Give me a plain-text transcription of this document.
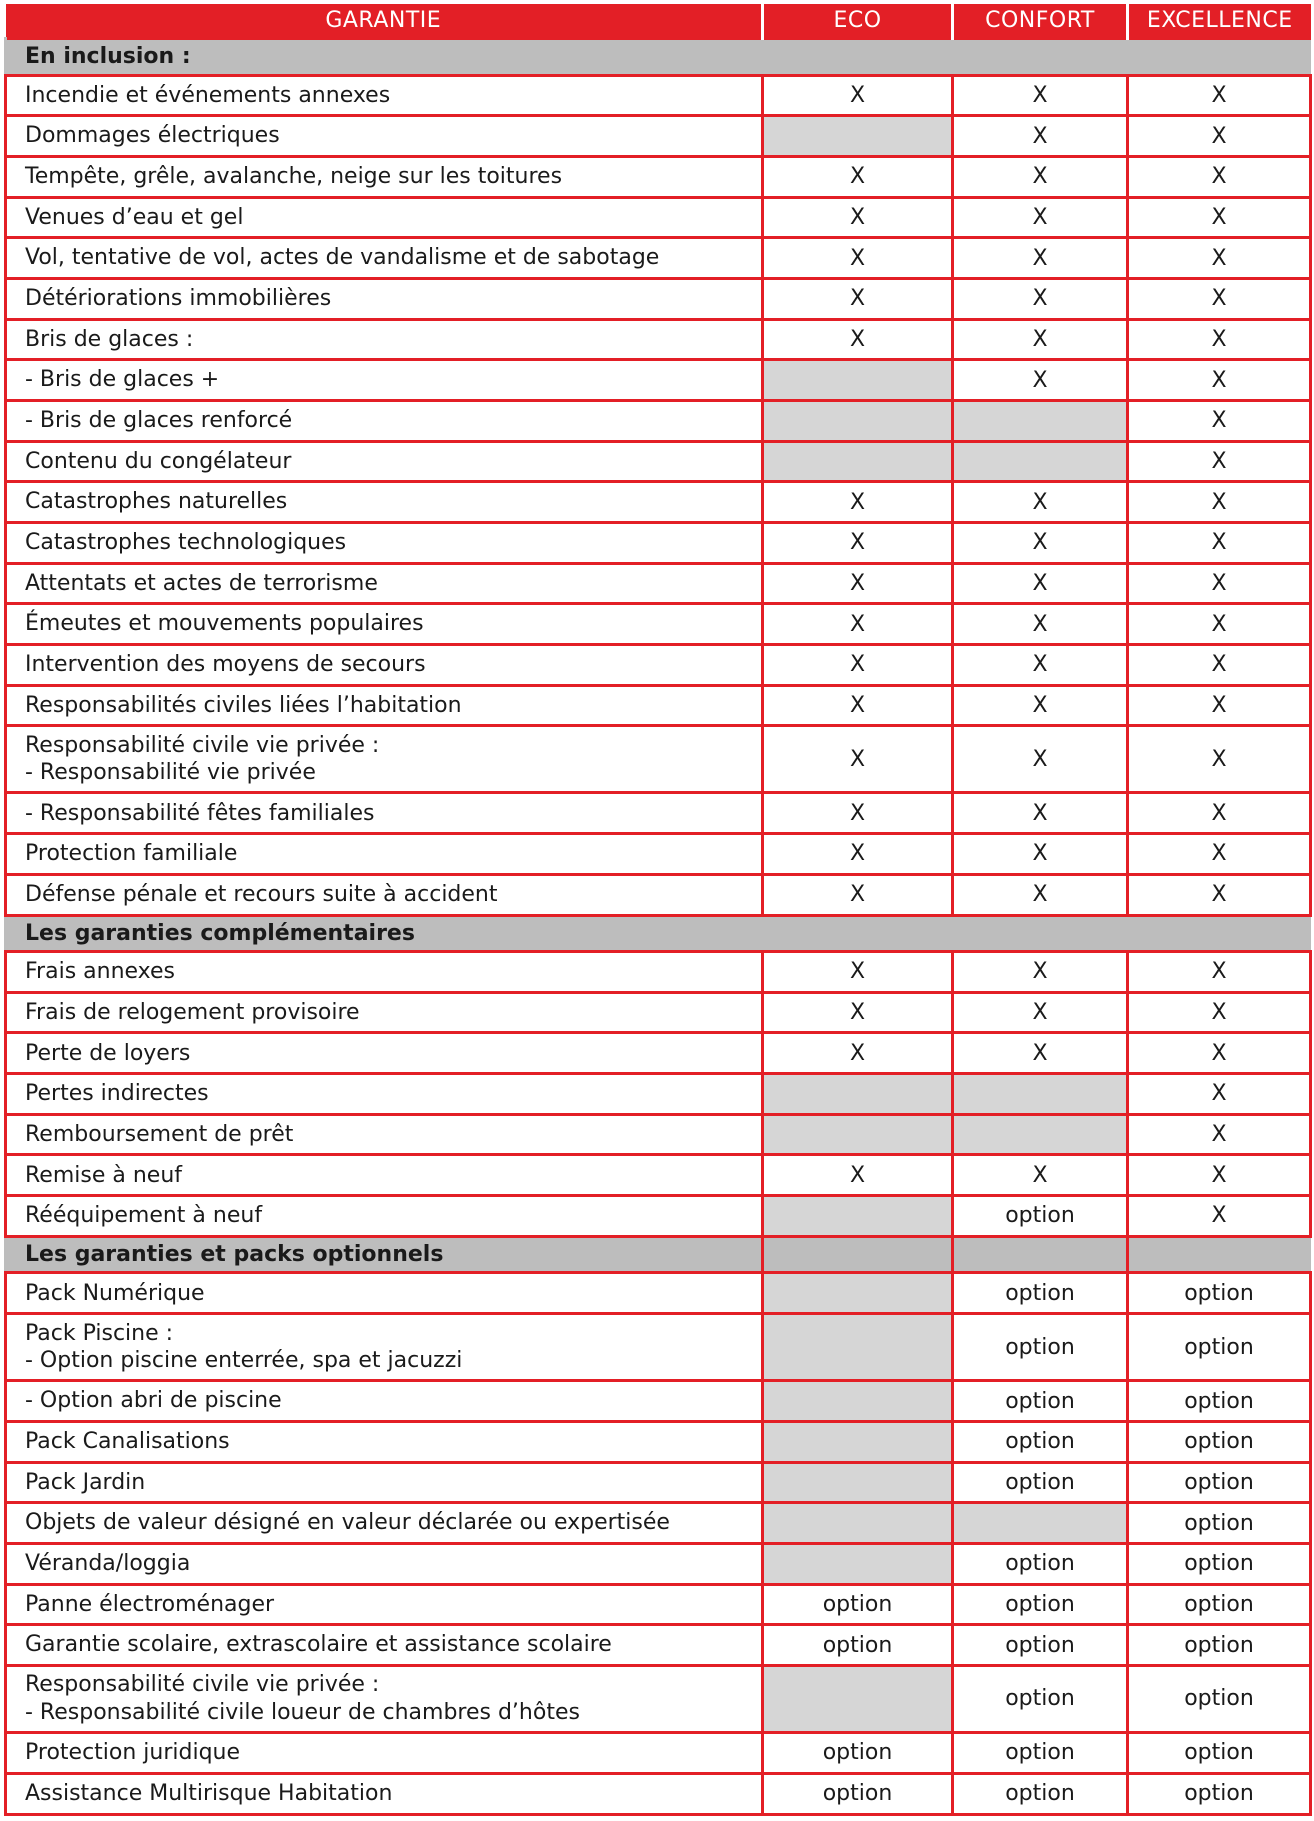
GARANTIE	ECO	CONFORT	EXCELLENCE
En inclusion :			

Incendie et événements annexes	X	X	X

Dommages électriques		X	X

Tempête, grêle, avalanche, neige sur les toitures	X	X	X

Venues d’eau et gel	X	X	X

Vol, tentative de vol, actes de vandalisme et de sabotage	X	X	X

Détériorations immobilières	X	X	X

Bris de glaces :	X	X	X

- Bris de glaces +		X	X

- Bris de glaces renforcé			X

Contenu du congélateur			X

Catastrophes naturelles	X	X	X

Catastrophes technologiques	X	X	X

Attentats et actes de terrorisme	X	X	X

Émeutes et mouvements populaires	X	X	X

Intervention des moyens de secours	X	X	X

Responsabilités civiles liées l’habitation	X	X	X

Responsabilité civile vie privée :
- Responsabilité vie privée	X	X	X

- Responsabilité fêtes familiales	X	X	X

Protection familiale	X	X	X

Défense pénale et recours suite à accident	X	X	X
Les garanties complémentaires			

Frais annexes	X	X	X

Frais de relogement provisoire	X	X	X

Perte de loyers	X	X	X

Pertes indirectes			X

Remboursement de prêt			X

Remise à neuf	X	X	X

Rééquipement à neuf		option	X
Les garanties et packs optionnels			

Pack Numérique		option	option

Pack Piscine :
- Option piscine enterrée, spa et jacuzzi		option	option

- Option abri de piscine		option	option

Pack Canalisations		option	option

Pack Jardin		option	option

Objets de valeur désigné en valeur déclarée ou expertisée			option

Véranda/loggia		option	option

Panne électroménager	option	option	option

Garantie scolaire, extrascolaire et assistance scolaire	option	option	option

Responsabilité civile vie privée :
- Responsabilité civile loueur de chambres d’hôtes		option	option

Protection juridique	option	option	option

Assistance Multirisque Habitation	option	option	option
